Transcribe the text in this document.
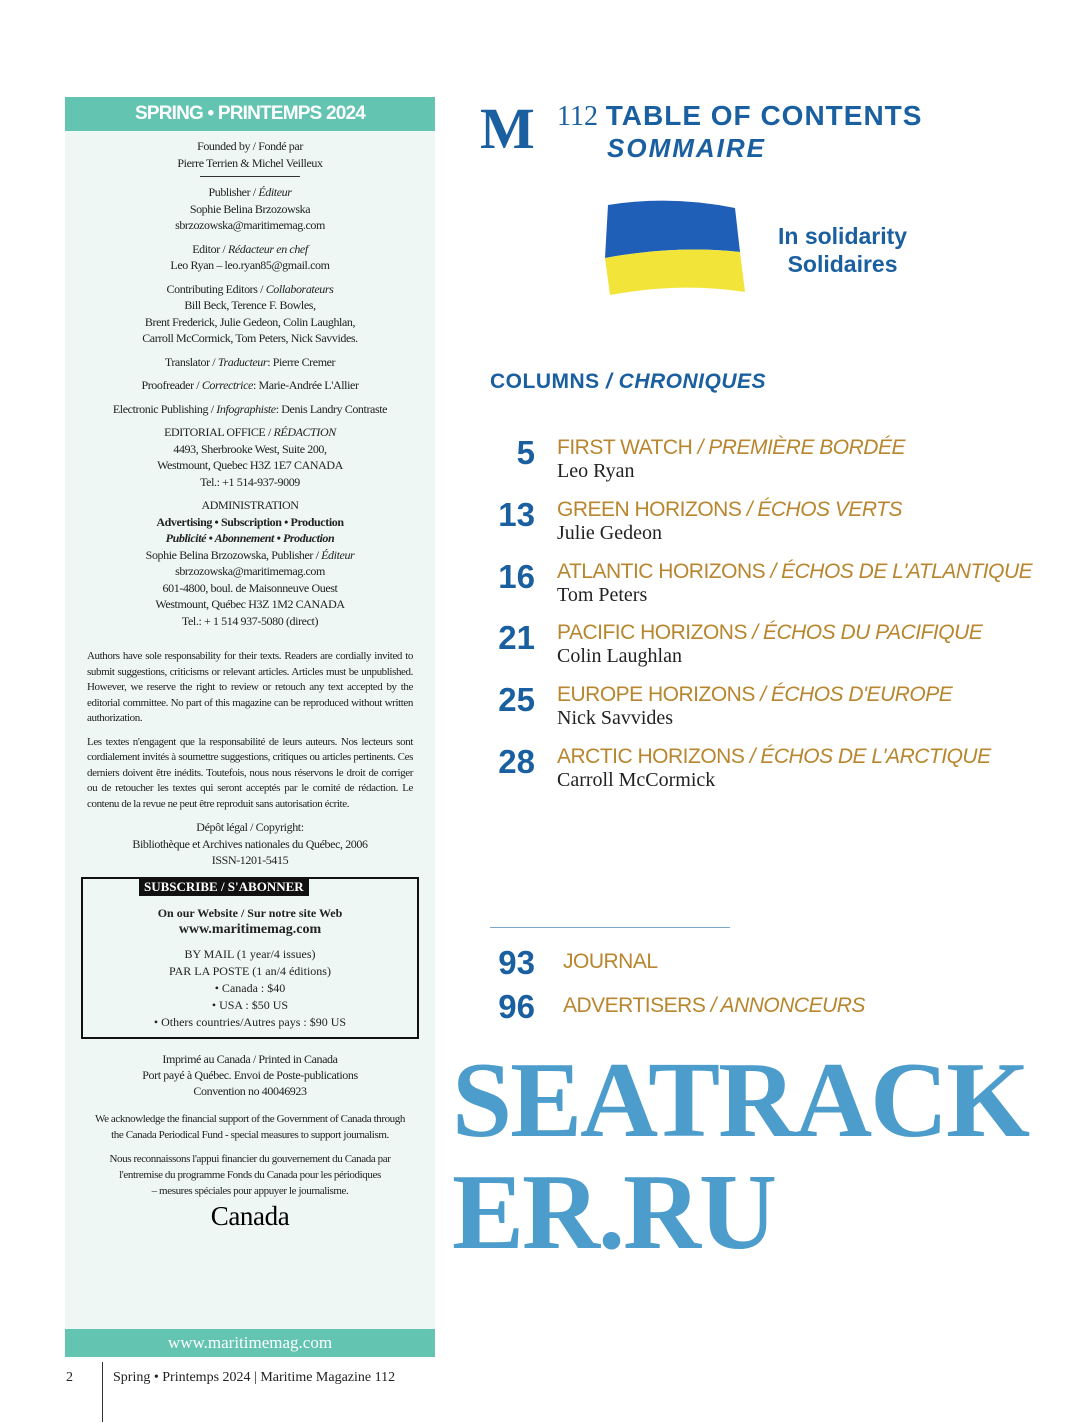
SPRING • PRINTEMPS 2024
Founded by / Fondé par
Pierre Terrien & Michel Veilleux
Publisher / Éditeur
Sophie Belina Brzozowska
sbrzozowska@maritimemag.com
Editor / Rédacteur en chef
Leo Ryan – leo.ryan85@gmail.com
Contributing Editors / Collaborateurs
Bill Beck, Terence F. Bowles,
Brent Frederick, Julie Gedeon, Colin Laughlan,
Carroll McCormick, Tom Peters, Nick Savvides.
Translator / Traducteur: Pierre Cremer
Proofreader / Correctrice: Marie-Andrée L'Allier
Electronic Publishing / Infographiste: Denis Landry Contraste
EDITORIAL OFFICE / RÉDACTION
4493, Sherbrooke West, Suite 200,
Westmount, Quebec H3Z 1E7 CANADA
Tel.: +1 514-937-9009
ADMINISTRATION
Advertising • Subscription • Production
Publicité • Abonnement • Production
Sophie Belina Brzozowska, Publisher / Éditeur
sbrzozowska@maritimemag.com
601-4800, boul. de Maisonneuve Ouest
Westmount, Québec H3Z 1M2 CANADA
Tel.: + 1 514 937-5080 (direct)
Authors have sole responsability for their texts. Readers are cordially invited to submit suggestions, criticisms or relevant articles. Articles must be unpublished. However, we reserve the right to review or retouch any text accepted by the editorial committee. No part of this magazine can be reproduced without written authorization.
Les textes n'engagent que la responsabilité de leurs auteurs. Nos lecteurs sont cordialement invités à soumettre suggestions, critiques ou articles pertinents. Ces derniers doivent être inédits. Toutefois, nous nous réservons le droit de corriger ou de retoucher les textes qui seront acceptés par le comité de rédaction. Le contenu de la revue ne peut être reproduit sans autorisation écrite.
Dépôt légal / Copyright:
Bibliothèque et Archives nationales du Québec, 2006
ISSN-1201-5415
SUBSCRIBE / S'ABONNER
On our Website / Sur notre site Web
www.maritimemag.com
BY MAIL (1 year/4 issues)
PAR LA POSTE (1 an/4 éditions)
• Canada : $40
• USA : $50 US
• Others countries/Autres pays : $90 US
Imprimé au Canada / Printed in Canada
Port payé à Québec. Envoi de Poste-publications
Convention no 40046923
We acknowledge the financial support of the Government of Canada through
the Canada Periodical Fund - special measures to support journalism.
Nous reconnaissons l'appui financier du gouvernement du Canada par
l'entremise du programme Fonds du Canada pour les périodiques
– mesures spéciales pour appuyer le journalisme.
Canada
www.maritimemag.com
2	Spring • Printemps 2024 | Maritime Magazine 112
M 112 TABLE OF CONTENTS
SOMMAIRE
In solidarity
Solidaires
COLUMNS / CHRONIQUES
5 FIRST WATCH / PREMIÈRE BORDÉE
Leo Ryan
13 GREEN HORIZONS / ÉCHOS VERTS
Julie Gedeon
16 ATLANTIC HORIZONS / ÉCHOS DE L'ATLANTIQUE
Tom Peters
21 PACIFIC HORIZONS / ÉCHOS DU PACIFIQUE
Colin Laughlan
25 EUROPE HORIZONS / ÉCHOS D'EUROPE
Nick Savvides
28 ARCTIC HORIZONS / ÉCHOS DE L'ARCTIQUE
Carroll McCormick
93 JOURNAL
96 ADVERTISERS / ANNONCEURS
SEATRACKER.RU
